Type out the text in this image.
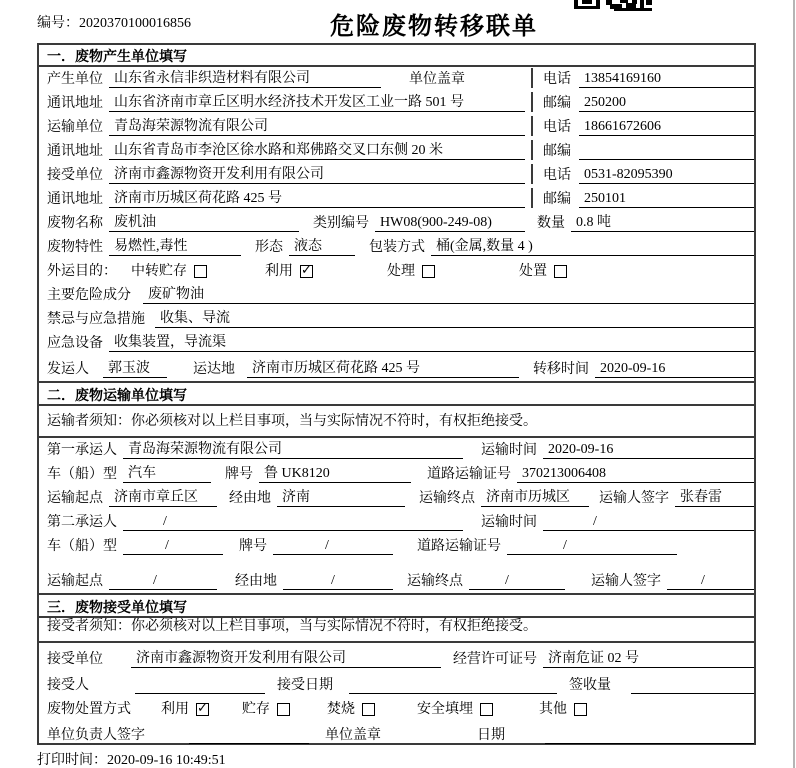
编号：2020370100016856	危险废物转移联单
一．废物产生单位填写
产生单位 山东省永信非织造材料有限公司	单位盖章	电话 13854169160
通讯地址 山东省济南市章丘区明水经济技术开发区工业一路 501 号	邮编 250200
运输单位 青岛海荣源物流有限公司	电话 18661672606
通讯地址 山东省青岛市李沧区徐水路和郑佛路交叉口东侧 20 米	邮编
接受单位 济南市鑫源物资开发利用有限公司	电话 0531-82095390
通讯地址 济南市历城区荷花路 425 号	邮编 250101
废物名称 废机油	类别编号 HW08(900-249-08)	数量 0.8 吨
废物特性 易燃性,毒性	形态 液态	包装方式 桶(金属,数量 4 )
外运目的： 中转贮存	利用 ✓	处理	处置
主要危险成分	废矿物油
禁忌与应急措施	收集、导流
应急设备 收集装置，导流渠
发运人	郭玉波	运达地	济南市历城区荷花路 425 号	转移时间 2020-09-16
二．废物运输单位填写
运输者须知：你必须核对以上栏目事项，当与实际情况不符时，有权拒绝接受。
第一承运人 青岛海荣源物流有限公司	运输时间 2020-09-16
车（船）型 汽车	牌号 鲁 UK8120	道路运输证号 370213006408
运输起点 济南市章丘区	经由地 济南	运输终点 济南市历城区	运输人签字 张春雷
第二承运人	/	运输时间	/
车（船）型	/	牌号	/	道路运输证号	/
运输起点	/	经由地	/	运输终点	/	运输人签字	/
三．废物接受单位填写
接受者须知：你必须核对以上栏目事项，当与实际情况不符时，有权拒绝接受。
接受单位	济南市鑫源物资开发利用有限公司	经营许可证号 济南危证 02 号
接受人	接受日期	签收量
废物处置方式 利用 ✓	贮存	焚烧	安全填埋	其他
单位负责人签字	单位盖章	日期
打印时间：2020-09-16 10:49:51
